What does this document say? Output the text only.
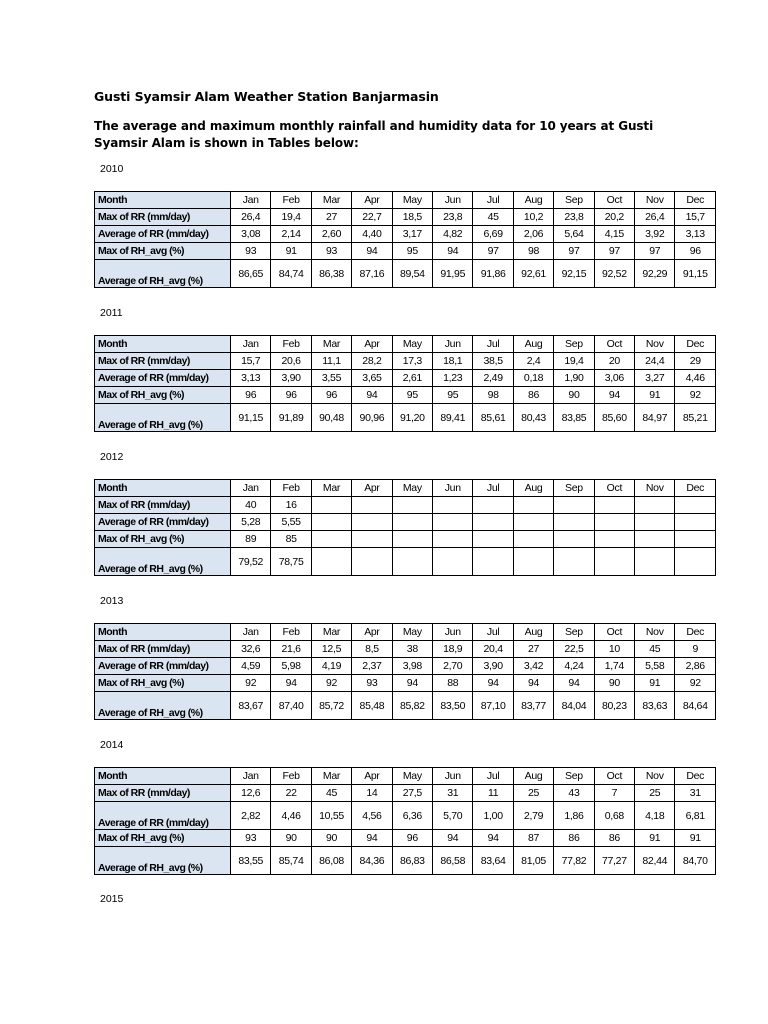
Gusti Syamsir Alam Weather Station Banjarmasin
The average and maximum monthly rainfall and humidity data for 10 years at Gusti Syamsir Alam is shown in Tables below:
2010
Month	Jan	Feb	Mar	Apr	May	Jun	Jul	Aug	Sep	Oct	Nov	Dec
Max of RR (mm/day)	26,4	19,4	27	22,7	18,5	23,8	45	10,2	23,8	20,2	26,4	15,7
Average of RR (mm/day)	3,08	2,14	2,60	4,40	3,17	4,82	6,69	2,06	5,64	4,15	3,92	3,13
Max of RH_avg (%)	93	91	93	94	95	94	97	98	97	97	97	96
Average of RH_avg (%)	86,65	84,74	86,38	87,16	89,54	91,95	91,86	92,61	92,15	92,52	92,29	91,15
2011
Month	Jan	Feb	Mar	Apr	May	Jun	Jul	Aug	Sep	Oct	Nov	Dec
Max of RR (mm/day)	15,7	20,6	11,1	28,2	17,3	18,1	38,5	2,4	19,4	20	24,4	29
Average of RR (mm/day)	3,13	3,90	3,55	3,65	2,61	1,23	2,49	0,18	1,90	3,06	3,27	4,46
Max of RH_avg (%)	96	96	96	94	95	95	98	86	90	94	91	92
Average of RH_avg (%)	91,15	91,89	90,48	90,96	91,20	89,41	85,61	80,43	83,85	85,60	84,97	85,21
2012
Month	Jan	Feb	Mar	Apr	May	Jun	Jul	Aug	Sep	Oct	Nov	Dec
Max of RR (mm/day)	40	16										
Average of RR (mm/day)	5,28	5,55										
Max of RH_avg (%)	89	85										
Average of RH_avg (%)	79,52	78,75										
2013
Month	Jan	Feb	Mar	Apr	May	Jun	Jul	Aug	Sep	Oct	Nov	Dec
Max of RR (mm/day)	32,6	21,6	12,5	8,5	38	18,9	20,4	27	22,5	10	45	9
Average of RR (mm/day)	4,59	5,98	4,19	2,37	3,98	2,70	3,90	3,42	4,24	1,74	5,58	2,86
Max of RH_avg (%)	92	94	92	93	94	88	94	94	94	90	91	92
Average of RH_avg (%)	83,67	87,40	85,72	85,48	85,82	83,50	87,10	83,77	84,04	80,23	83,63	84,64
2014
Month	Jan	Feb	Mar	Apr	May	Jun	Jul	Aug	Sep	Oct	Nov	Dec
Max of RR (mm/day)	12,6	22	45	14	27,5	31	11	25	43	7	25	31
Average of RR (mm/day)	2,82	4,46	10,55	4,56	6,36	5,70	1,00	2,79	1,86	0,68	4,18	6,81
Max of RH_avg (%)	93	90	90	94	96	94	94	87	86	86	91	91
Average of RH_avg (%)	83,55	85,74	86,08	84,36	86,83	86,58	83,64	81,05	77,82	77,27	82,44	84,70
2015
